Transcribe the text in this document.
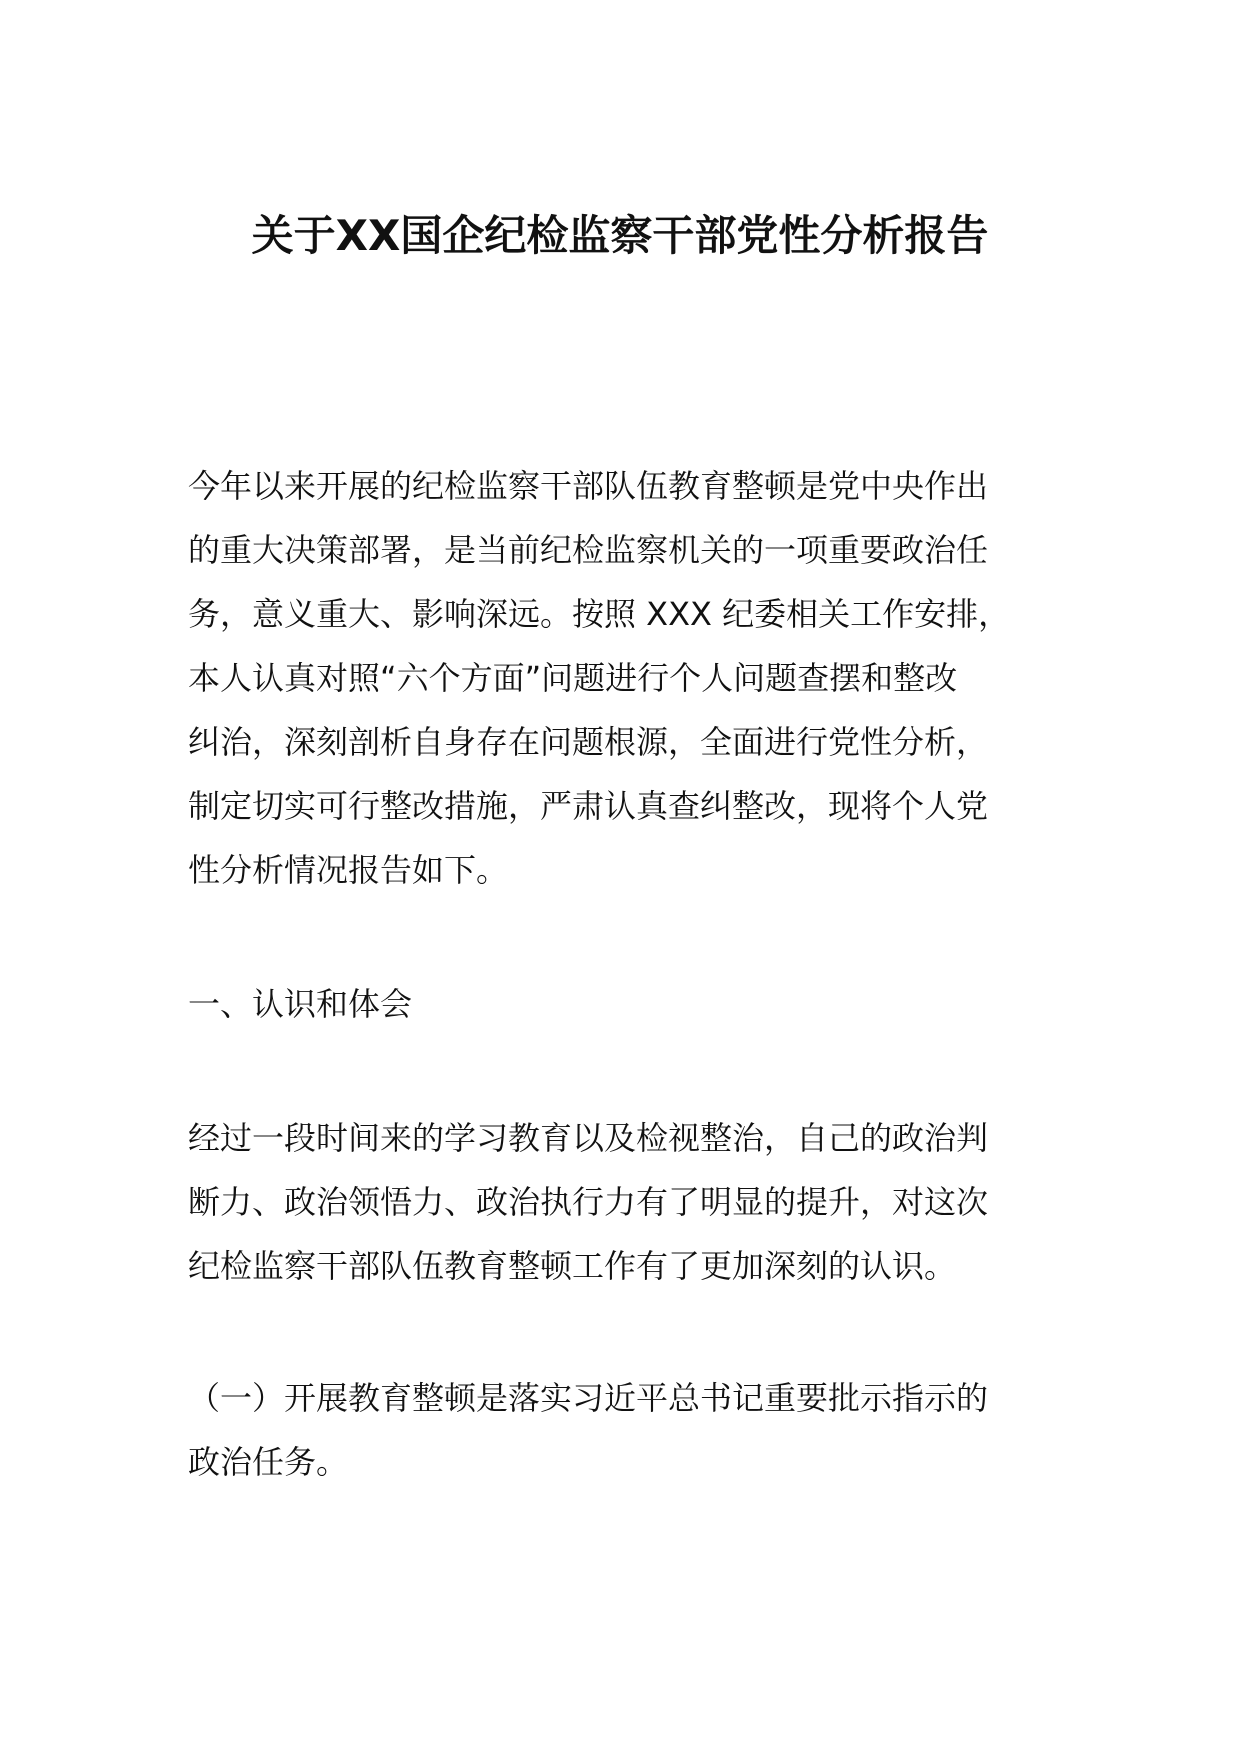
关于XX国企纪检监察干部党性分析报告
今年以来开展的纪检监察干部队伍教育整顿是党中央作出
的重大决策部署，是当前纪检监察机关的一项重要政治任
务，意义重大、影响深远。按照 XXX 纪委相关工作安排，
本人认真对照“六个方面”问题进行个人问题查摆和整改
纠治，深刻剖析自身存在问题根源，全面进行党性分析，
制定切实可行整改措施，严肃认真查纠整改，现将个人党
性分析情况报告如下。
一、认识和体会
经过一段时间来的学习教育以及检视整治，自己的政治判
断力、政治领悟力、政治执行力有了明显的提升，对这次
纪检监察干部队伍教育整顿工作有了更加深刻的认识。
（一）开展教育整顿是落实习近平总书记重要批示指示的
政治任务。
